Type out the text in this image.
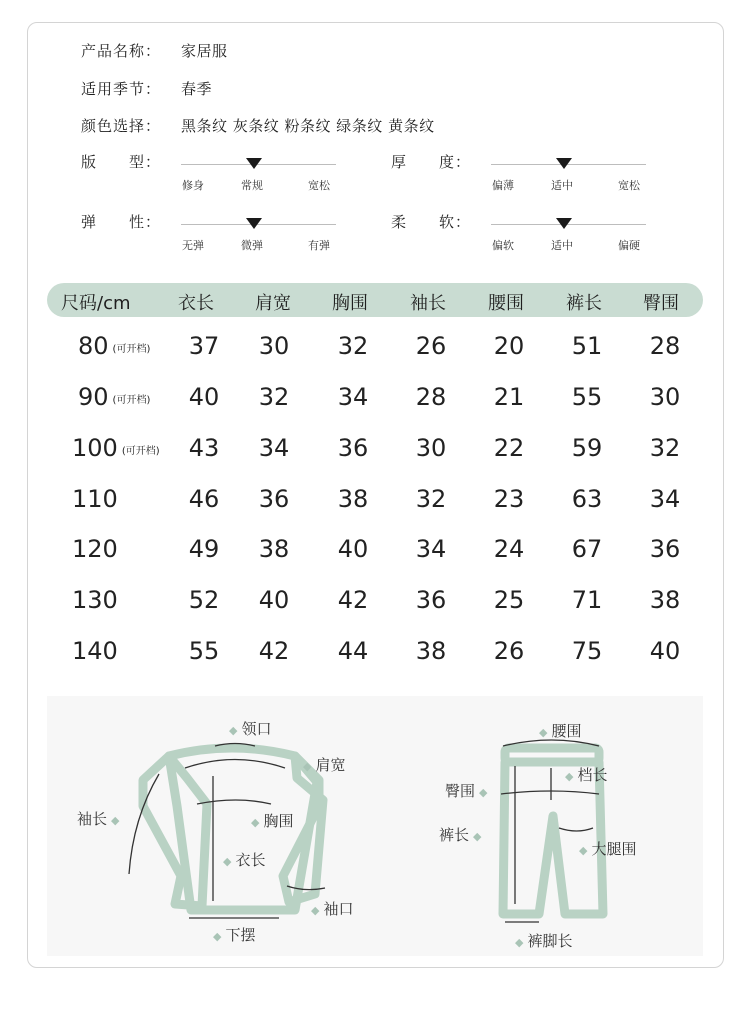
产品名称：	家居服
适用季节：	春季
颜色选择：	黑条纹 灰条纹 粉条纹 绿条纹 黄条纹
版　　型：
修身	常规	宽松
厚　　度：
偏薄	适中	宽松
弹　　性：
无弹	微弹	有弹
柔　　软：
偏软	适中	偏硬
尺码/cm	衣长 肩宽 胸围 袖长 腰围 裤长 臀围
80 (可开档) 37 30 32 26 20 51 28
90 (可开档) 40 32 34 28 21 55 30
100 (可开档) 43 34 36 30 22 59 32
110	46 36 38 32 23 63 34
120	49 38 40 34 24 67 36
130	52 40 42 36 25 71 38
140	55 42 44 38 26 75 40
◆ 领口
◆ 肩宽
袖长 ◆	◆ 胸围
◆ 衣长
◆ 袖口
◆ 下摆
◆ 腰围
◆ 档长
臀围 ◆
裤长 ◆
◆ 大腿围
◆ 裤脚长
